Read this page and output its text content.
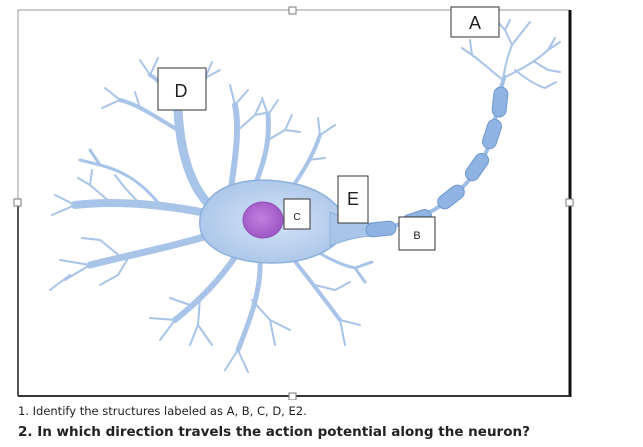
A
B
C
D
E

1. Identify the structures labeled as A, B, C, D, E2.

2. In which direction travels the action potential along the neuron?
